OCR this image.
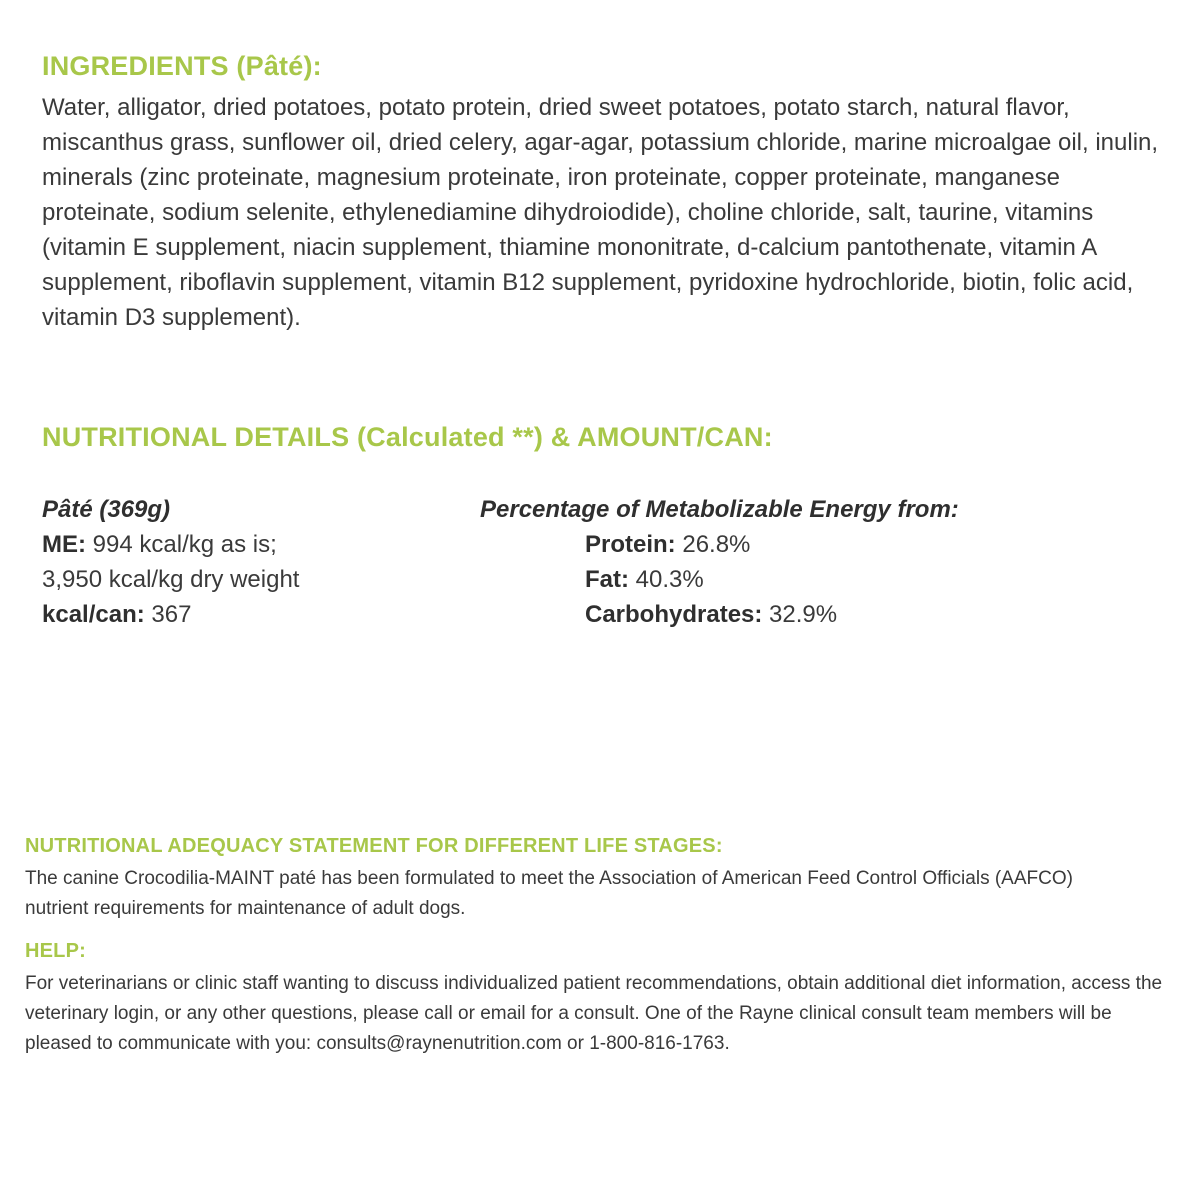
INGREDIENTS (Pâté):

Water, alligator, dried potatoes, potato protein, dried sweet potatoes, potato starch, natural flavor, miscanthus grass, sunflower oil, dried celery, agar-agar, potassium chloride, marine microalgae oil, inulin, minerals (zinc proteinate, magnesium proteinate, iron proteinate, copper proteinate, manganese proteinate, sodium selenite, ethylenediamine dihydroiodide), choline chloride, salt, taurine, vitamins (vitamin E supplement, niacin supplement, thiamine mononitrate, d-calcium pantothenate, vitamin A supplement, riboflavin supplement, vitamin B12 supplement, pyridoxine hydrochloride, biotin, folic acid, vitamin D3 supplement).

NUTRITIONAL DETAILS (Calculated **) & AMOUNT/CAN:
Pâté (369g)
ME: 994 kcal/kg as is;
3,950 kcal/kg dry weight
kcal/can: 367
Percentage of Metabolizable Energy from:
Protein: 26.8%
Fat: 40.3%
Carbohydrates: 32.9%
NUTRITIONAL ADEQUACY STATEMENT FOR DIFFERENT LIFE STAGES:

The canine Crocodilia-MAINT paté has been formulated to meet the Association of American Feed Control Officials (AAFCO) nutrient requirements for maintenance of adult dogs.

HELP:

For veterinarians or clinic staff wanting to discuss individualized patient recommendations, obtain additional diet information, access the veterinary login, or any other questions, please call or email for a consult. One of the Rayne clinical consult team members will be pleased to communicate with you: consults@raynenutrition.com or 1-800-816-1763.
